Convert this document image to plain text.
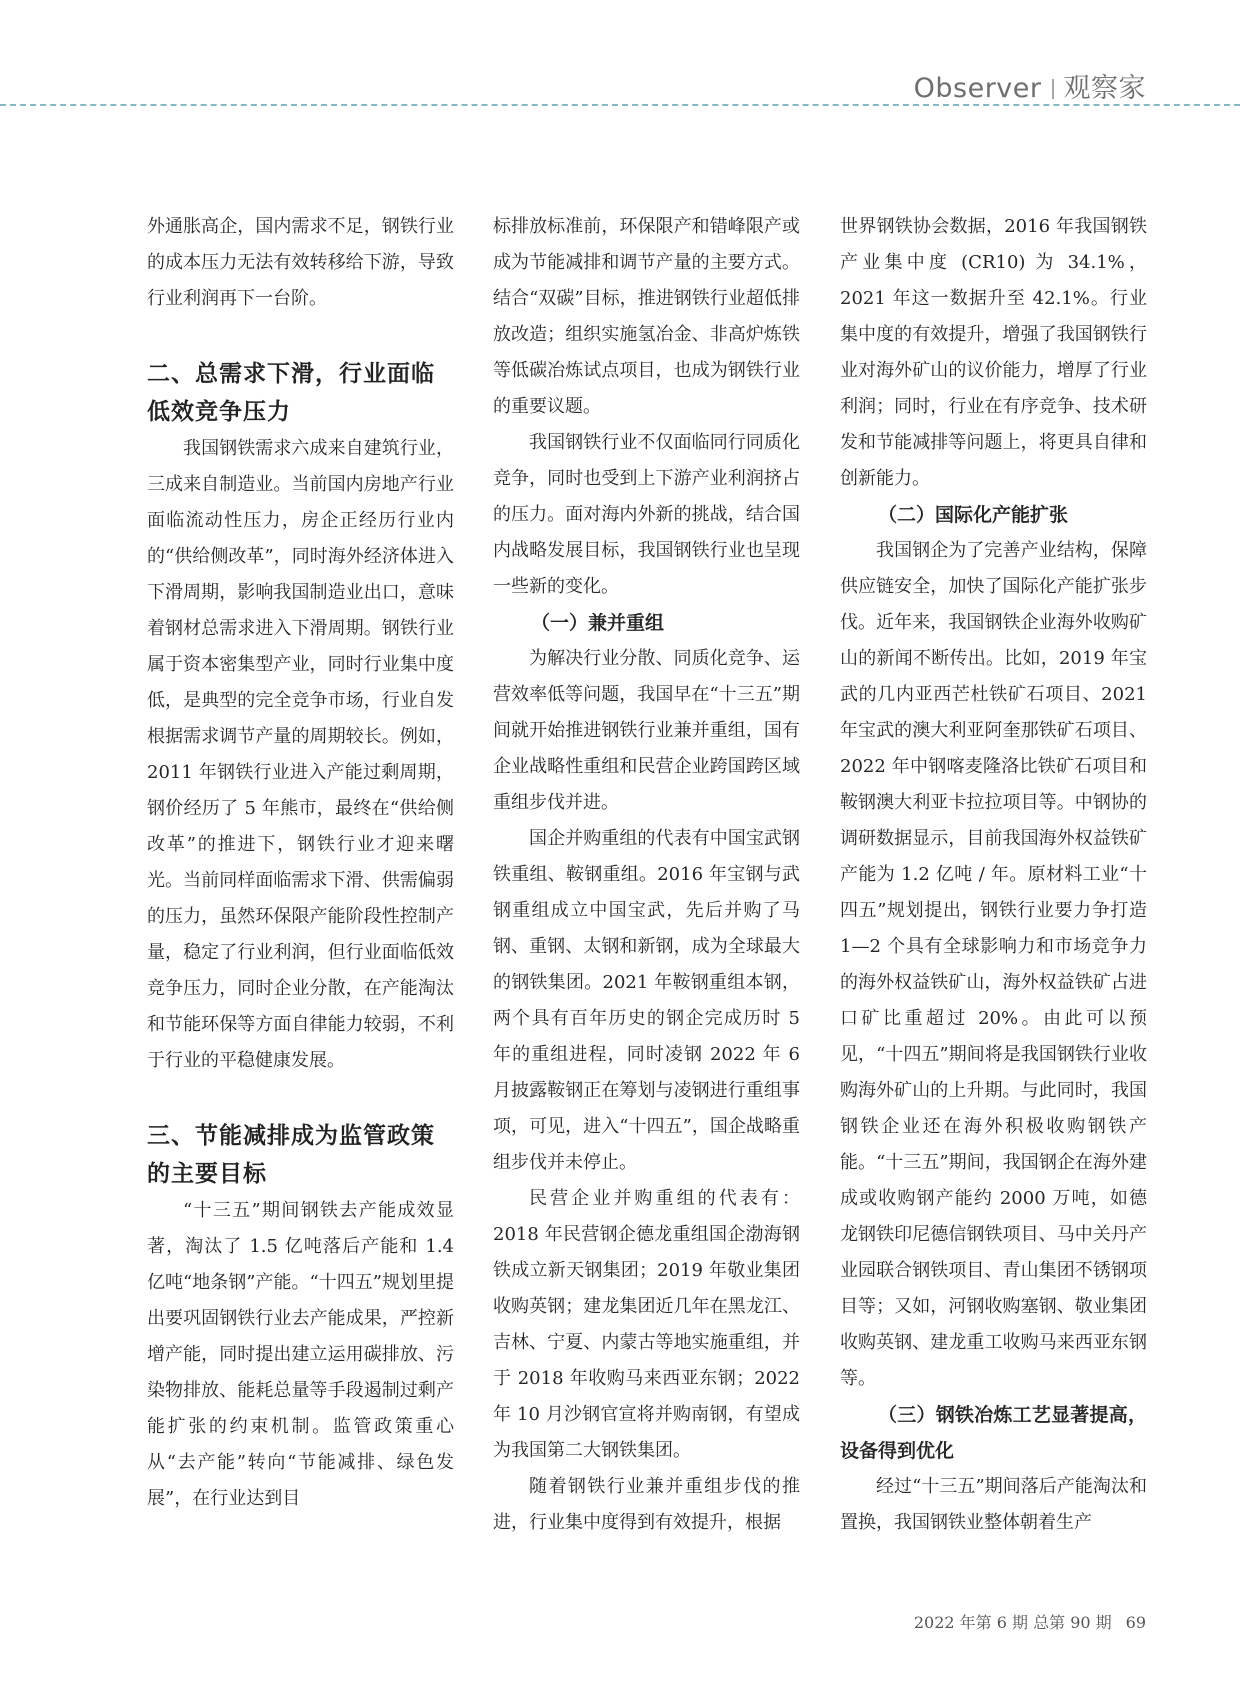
Observer 观察家

外通胀高企，国内需求不足，钢铁行业的成本压力无法有效转移给下游，导致行业利润再下一台阶。

二、总需求下滑，行业面临低效竞争压力

我国钢铁需求六成来自建筑行业，三成来自制造业。当前国内房地产行业面临流动性压力，房企正经历行业内的“供给侧改革”，同时海外经济体进入下滑周期，影响我国制造业出口，意味着钢材总需求进入下滑周期。钢铁行业属于资本密集型产业，同时行业集中度低，是典型的完全竞争市场，行业自发根据需求调节产量的周期较长。例如，2011 年钢铁行业进入产能过剩周期，钢价经历了 5 年熊市，最终在“供给侧改革”的推进下，钢铁行业才迎来曙光。当前同样面临需求下滑、供需偏弱的压力，虽然环保限产能阶段性控制产量，稳定了行业利润，但行业面临低效竞争压力，同时企业分散，在产能淘汰和节能环保等方面自律能力较弱，不利于行业的平稳健康发展。

三、节能减排成为监管政策的主要目标

“十三五”期间钢铁去产能成效显著，淘汰了 1.5 亿吨落后产能和 1.4 亿吨“地条钢”产能。“十四五”规划里提出要巩固钢铁行业去产能成果，严控新增产能，同时提出建立运用碳排放、污染物排放、能耗总量等手段遏制过剩产能扩张的约束机制。监管政策重心从“去产能”转向“节能减排、绿色发展”，在行业达到目

标排放标准前，环保限产和错峰限产或成为节能减排和调节产量的主要方式。结合“双碳”目标，推进钢铁行业超低排放改造；组织实施氢冶金、非高炉炼铁等低碳冶炼试点项目，也成为钢铁行业的重要议题。

我国钢铁行业不仅面临同行同质化竞争，同时也受到上下游产业利润挤占的压力。面对海内外新的挑战，结合国内战略发展目标，我国钢铁行业也呈现一些新的变化。

（一）兼并重组

为解决行业分散、同质化竞争、运营效率低等问题，我国早在“十三五”期间就开始推进钢铁行业兼并重组，国有企业战略性重组和民营企业跨国跨区域重组步伐并进。

国企并购重组的代表有中国宝武钢铁重组、鞍钢重组。2016 年宝钢与武钢重组成立中国宝武，先后并购了马钢、重钢、太钢和新钢，成为全球最大的钢铁集团。2021 年鞍钢重组本钢，两个具有百年历史的钢企完成历时 5 年的重组进程，同时凌钢 2022 年 6 月披露鞍钢正在筹划与凌钢进行重组事项，可见，进入“十四五”，国企战略重组步伐并未停止。

民营企业并购重组的代表有：2018 年民营钢企德龙重组国企渤海钢铁成立新天钢集团；2019 年敬业集团收购英钢；建龙集团近几年在黑龙江、吉林、宁夏、内蒙古等地实施重组，并于 2018 年收购马来西亚东钢；2022 年 10 月沙钢官宣将并购南钢，有望成为我国第二大钢铁集团。

随着钢铁行业兼并重组步伐的推进，行业集中度得到有效提升，根据

世界钢铁协会数据，2016 年我国钢铁产业集中度 (CR10) 为 34.1%，2021 年这一数据升至 42.1%。行业集中度的有效提升，增强了我国钢铁行业对海外矿山的议价能力，增厚了行业利润；同时，行业在有序竞争、技术研发和节能减排等问题上，将更具自律和创新能力。

（二）国际化产能扩张

我国钢企为了完善产业结构，保障供应链安全，加快了国际化产能扩张步伐。近年来，我国钢铁企业海外收购矿山的新闻不断传出。比如，2019 年宝武的几内亚西芒杜铁矿石项目、2021 年宝武的澳大利亚阿奎那铁矿石项目、2022 年中钢喀麦隆洛比铁矿石项目和鞍钢澳大利亚卡拉拉项目等。中钢协的调研数据显示，目前我国海外权益铁矿产能为 1.2 亿吨 / 年。原材料工业“十四五”规划提出，钢铁行业要力争打造 1—2 个具有全球影响力和市场竞争力的海外权益铁矿山，海外权益铁矿占进口矿比重超过 20%。由此可以预见，“十四五”期间将是我国钢铁行业收购海外矿山的上升期。与此同时，我国钢铁企业还在海外积极收购钢铁产能。“十三五”期间，我国钢企在海外建成或收购钢产能约 2000 万吨，如德龙钢铁印尼德信钢铁项目、马中关丹产业园联合钢铁项目、青山集团不锈钢项目等；又如，河钢收购塞钢、敬业集团收购英钢、建龙重工收购马来西亚东钢等。

（三）钢铁冶炼工艺显著提高，设备得到优化

经过“十三五”期间落后产能淘汰和置换，我国钢铁业整体朝着生产

2022 年第 6 期 总第 90 期 69
